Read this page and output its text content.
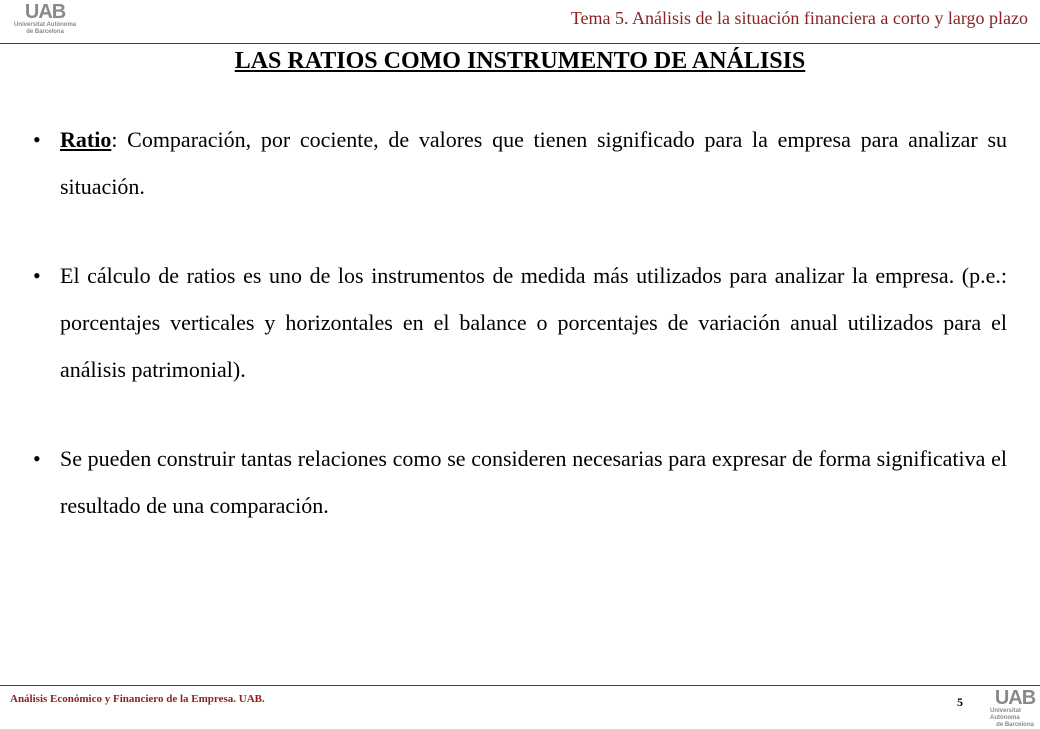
UAB
Universitat Autònoma
de Barcelona
Tema 5. Análisis de la situación financiera a corto y largo plazo
LAS RATIOS COMO INSTRUMENTO DE ANÁLISIS
• Ratio: Comparación, por cociente, de valores que tienen significado para la empresa para analizar su situación.
• El cálculo de ratios es uno de los instrumentos de medida más utilizados para analizar la empresa. (p.e.: porcentajes verticales y horizontales en el balance o porcentajes de variación anual utilizados para el análisis patrimonial).
• Se pueden construir tantas relaciones como se consideren necesarias para expresar de forma significativa el resultado de una comparación.
Análisis Económico y Financiero de la Empresa. UAB.	5 UAB
Universitat Autònoma
de Barcelona
